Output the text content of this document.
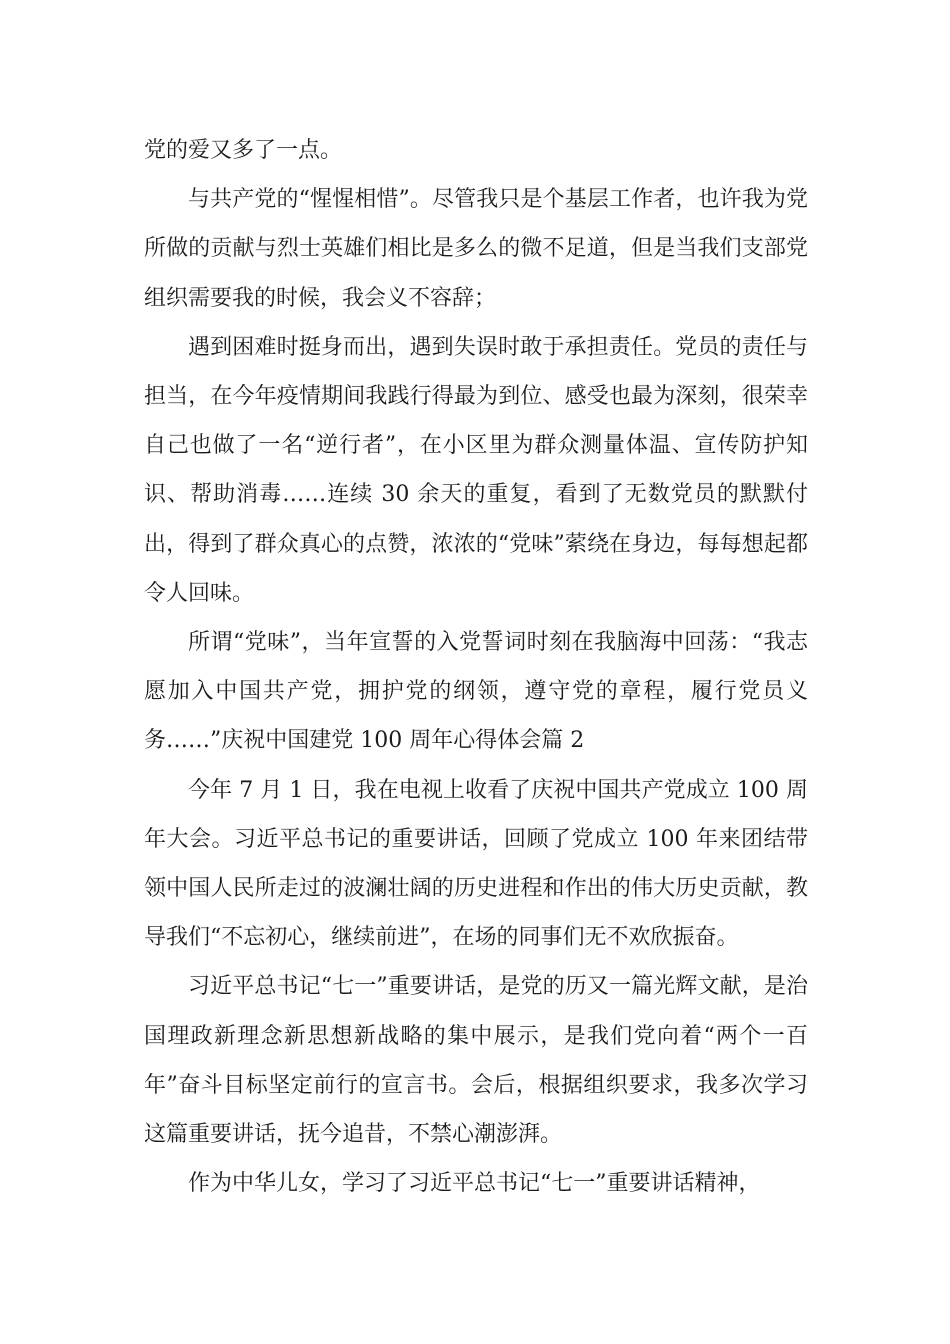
党的爱又多了一点。

与共产党的“惺惺相惜”。尽管我只是个基层工作者，也许我为党所做的贡献与烈士英雄们相比是多么的微不足道，但是当我们支部党组织需要我的时候，我会义不容辞；

遇到困难时挺身而出，遇到失误时敢于承担责任。党员的责任与担当，在今年疫情期间我践行得最为到位、感受也最为深刻，很荣幸自己也做了一名“逆行者”，在小区里为群众测量体温、宣传防护知识、帮助消毒……连续 30 余天的重复，看到了无数党员的默默付出，得到了群众真心的点赞，浓浓的“党味”萦绕在身边，每每想起都令人回味。

所谓“党味”，当年宣誓的入党誓词时刻在我脑海中回荡：“我志愿加入中国共产党，拥护党的纲领，遵守党的章程，履行党员义务……”庆祝中国建党 100 周年心得体会篇 2

今年 7 月 1 日，我在电视上收看了庆祝中国共产党成立 100 周年大会。习近平总书记的重要讲话，回顾了党成立 100 年来团结带领中国人民所走过的波澜壮阔的历史进程和作出的伟大历史贡献，教导我们“不忘初心，继续前进”，在场的同事们无不欢欣振奋。

习近平总书记“七一”重要讲话，是党的历又一篇光辉文献，是治国理政新理念新思想新战略的集中展示，是我们党向着“两个一百年”奋斗目标坚定前行的宣言书。会后，根据组织要求，我多次学习这篇重要讲话，抚今追昔，不禁心潮澎湃。

作为中华儿女，学习了习近平总书记“七一”重要讲话精神，
